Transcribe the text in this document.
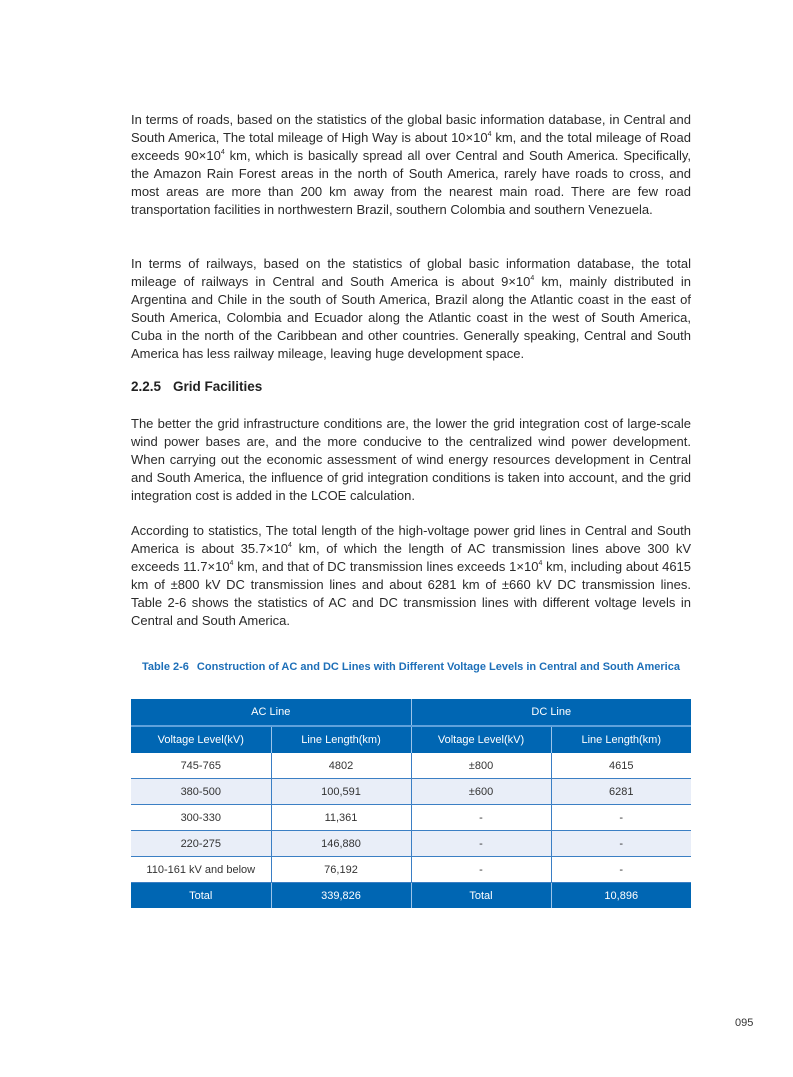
In terms of roads, based on the statistics of the global basic information database, in Central and South America, The total mileage of High Way is about $10\times 10^4$ km, and the total mileage of Road exceeds $90\times 10^4$ km, which is basically spread all over Central and South America. Specifically, the Amazon Rain Forest areas in the north of South America, rarely have roads to cross, and most areas are more than 200 km away from the nearest main road. There are few road transportation facilities in northwestern Brazil, southern Colombia and southern Venezuela.

In terms of railways, based on the statistics of global basic information database, the total mileage of railways in Central and South America is about $9\times 10^4$ km, mainly distributed in Argentina and Chile in the south of South America, Brazil along the Atlantic coast in the east of South America, Colombia and Ecuador along the Atlantic coast in the west of South America, Cuba in the north of the Caribbean and other countries. Generally speaking, Central and South America has less railway mileage, leaving huge development space.

2.2.5 Grid Facilities

The better the grid infrastructure conditions are, the lower the grid integration cost of large-scale wind power bases are, and the more conducive to the centralized wind power development. When carrying out the economic assessment of wind energy resources development in Central and South America, the influence of grid integration conditions is taken into account, and the grid integration cost is added in the LCOE calculation.

According to statistics, The total length of the high-voltage power grid lines in Central and South America is about $35.7\times 10^4$ km, of which the length of AC transmission lines above 300 kV exceeds $11.7\times 10^4$ km, and that of DC transmission lines exceeds $1\times 10^4$ km, including about 4615 km of ±800 kV DC transmission lines and about 6281 km of ±660 kV DC transmission lines. Table 2-6 shows the statistics of AC and DC transmission lines with different voltage levels in Central and South America.

Table 2-6 Construction of AC and DC Lines with Different Voltage Levels in Central and South America
AC Line		DC Line	
Voltage Level(kV)	Line Length(km)	Voltage Level(kV)	Line Length(km)
745-765	4802	±800	4615
380-500	100,591	±600	6281
300-330	11,361	-	-
220-275	146,880	-	-
110-161 kV and below	76,192	-	-
Total	339,826	Total	10,896
095
